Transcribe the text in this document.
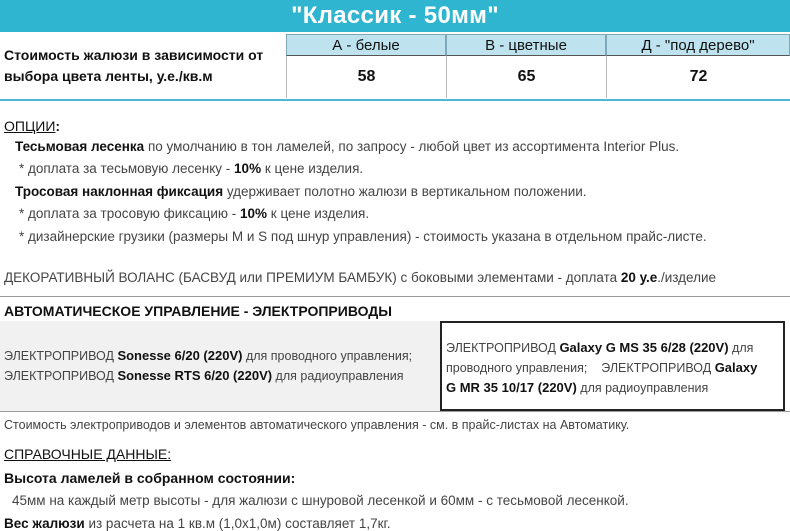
"Классик - 50мм"
Стоимость жалюзи в зависимости от
выбора цвета ленты, у.е./кв.м
А - белые
58
В - цветные
65
Д - "под дерево"
72
ОПЦИИ:
Тесьмовая лесенка по умолчанию в тон ламелей, по запросу - любой цвет из ассортимента Interior Plus.
* доплата за тесьмовую лесенку - 10% к цене изделия.
Тросовая наклонная фиксация удерживает полотно жалюзи в вертикальном положении.
* доплата за тросовую фиксацию - 10% к цене изделия.
* дизайнерские грузики (размеры M и S под шнур управления) - стоимость указана в отдельном прайс-листе.
ДЕКОРАТИВНЫЙ ВОЛАНС (БАСВУД или ПРЕМИУМ БАМБУК) с боковыми элементами - доплата 20 у.е./изделие
АВТОМАТИЧЕСКОЕ УПРАВЛЕНИЕ - ЭЛЕКТРОПРИВОДЫ
ЭЛЕКТРОПРИВОД Sonesse 6/20 (220V) для проводного управления;
ЭЛЕКТРОПРИВОД Sonesse RTS 6/20 (220V) для радиоуправления
ЭЛЕКТРОПРИВОД Galaxy G MS 35 6/28 (220V) для
проводного управления;    ЭЛЕКТРОПРИВОД Galaxy
G MR 35 10/17 (220V) для радиоуправления
Стоимость электроприводов и элементов автоматического управления - см. в прайс-листах на Автоматику.
СПРАВОЧНЫЕ ДАННЫЕ:
Высота ламелей в собранном состоянии:
45мм на каждый метр высоты - для жалюзи с шнуровой лесенкой и 60мм - с тесьмовой лесенкой.
Вес жалюзи из расчета на 1 кв.м (1,0х1,0м) составляет 1,7кг.
